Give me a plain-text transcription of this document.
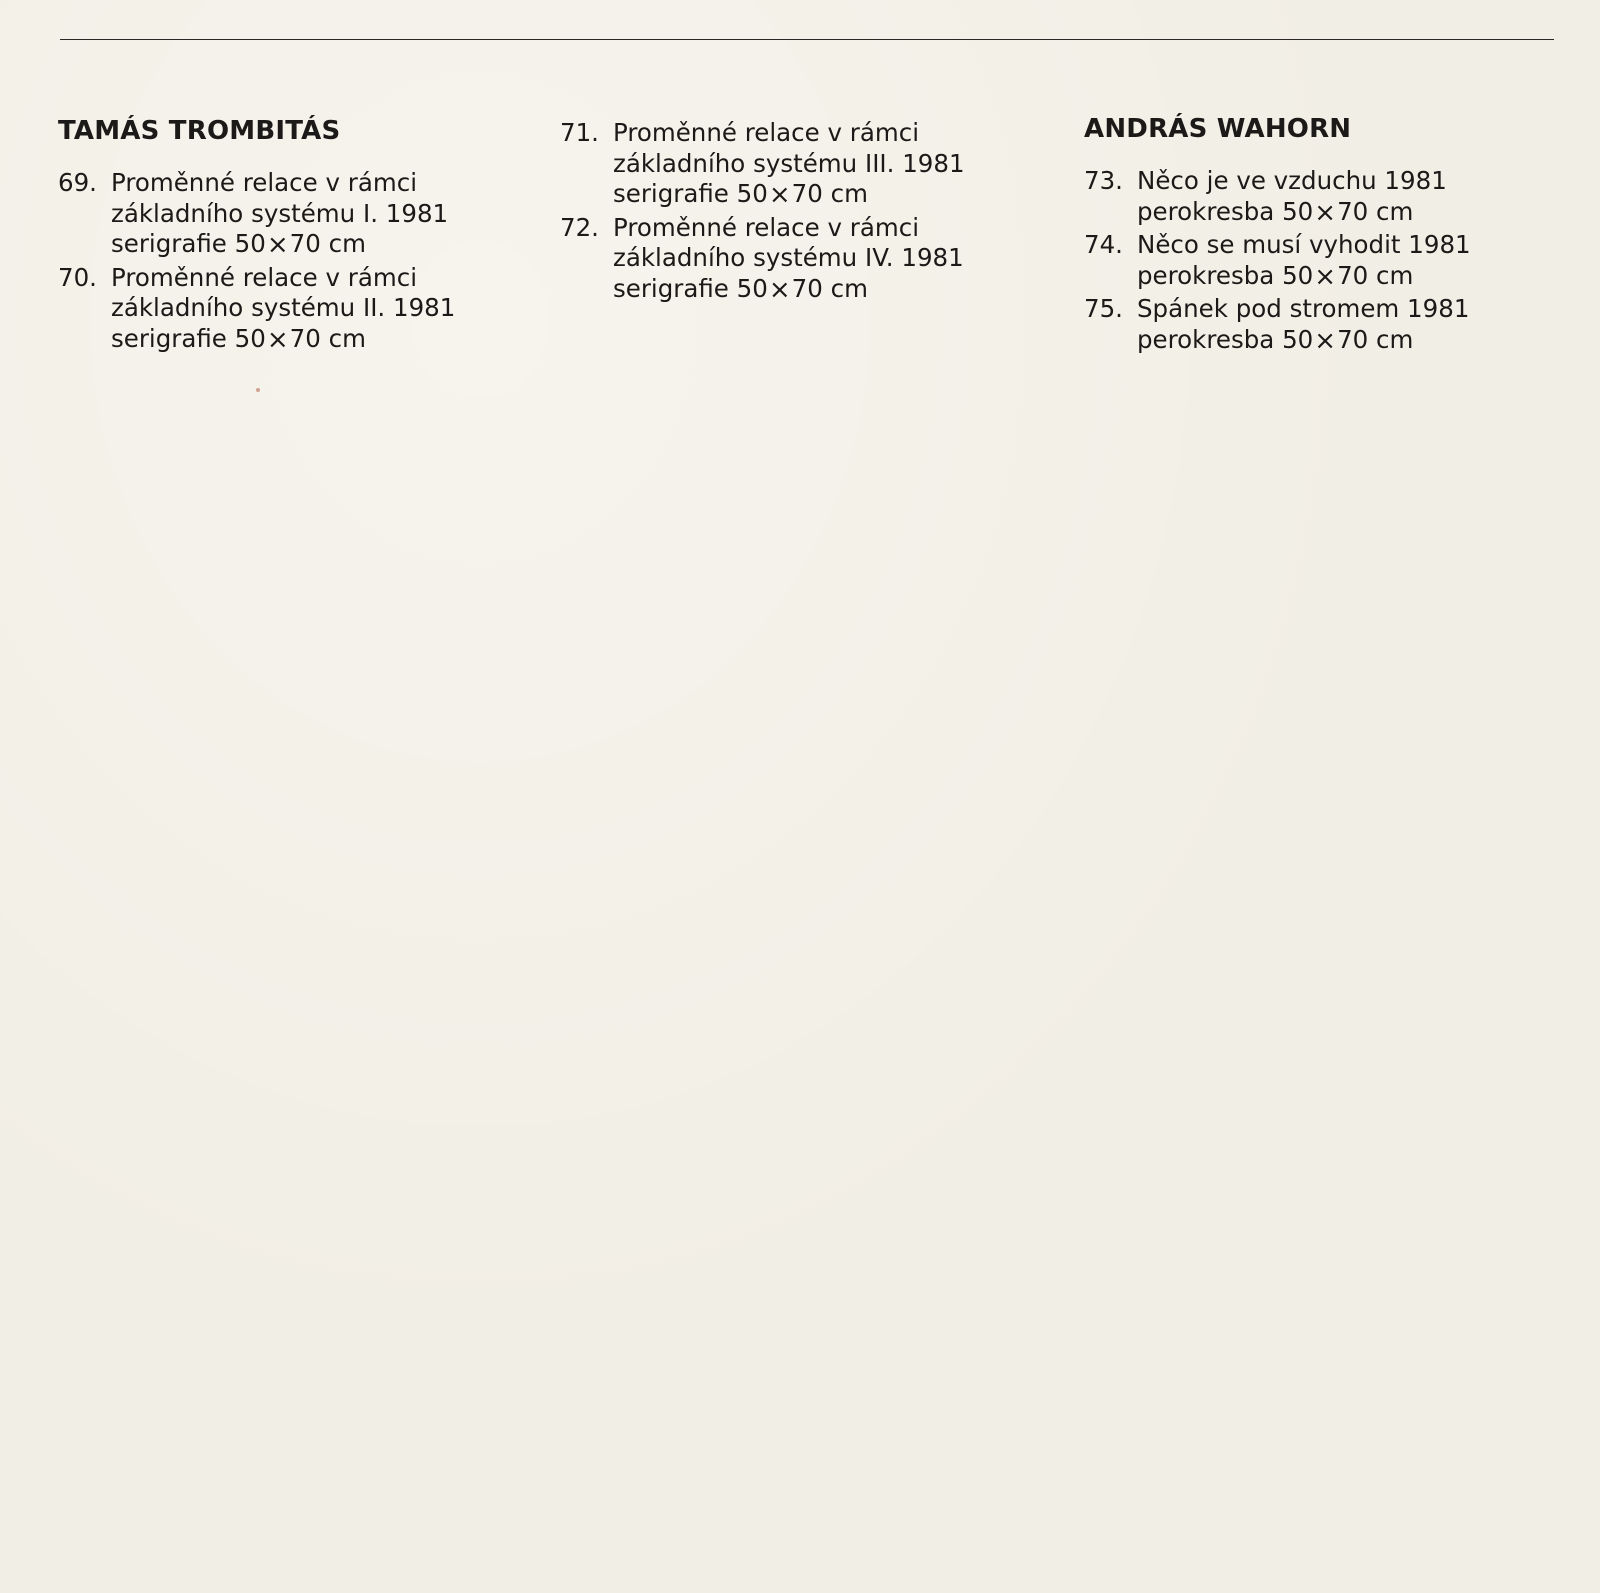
TAMÁS TROMBITÁS
69. Proměnné relace v rámci
základního systému I. 1981
serigrafie 50×70 cm
70. Proměnné relace v rámci
základního systému II. 1981
serigrafie 50×70 cm
71. Proměnné relace v rámci
základního systému III. 1981
serigrafie 50×70 cm
72. Proměnné relace v rámci
základního systému IV. 1981
serigrafie 50×70 cm
ANDRÁS WAHORN
73. Něco je ve vzduchu 1981
perokresba 50×70 cm
74. Něco se musí vyhodit 1981
perokresba 50×70 cm
75. Spánek pod stromem 1981
perokresba 50×70 cm
